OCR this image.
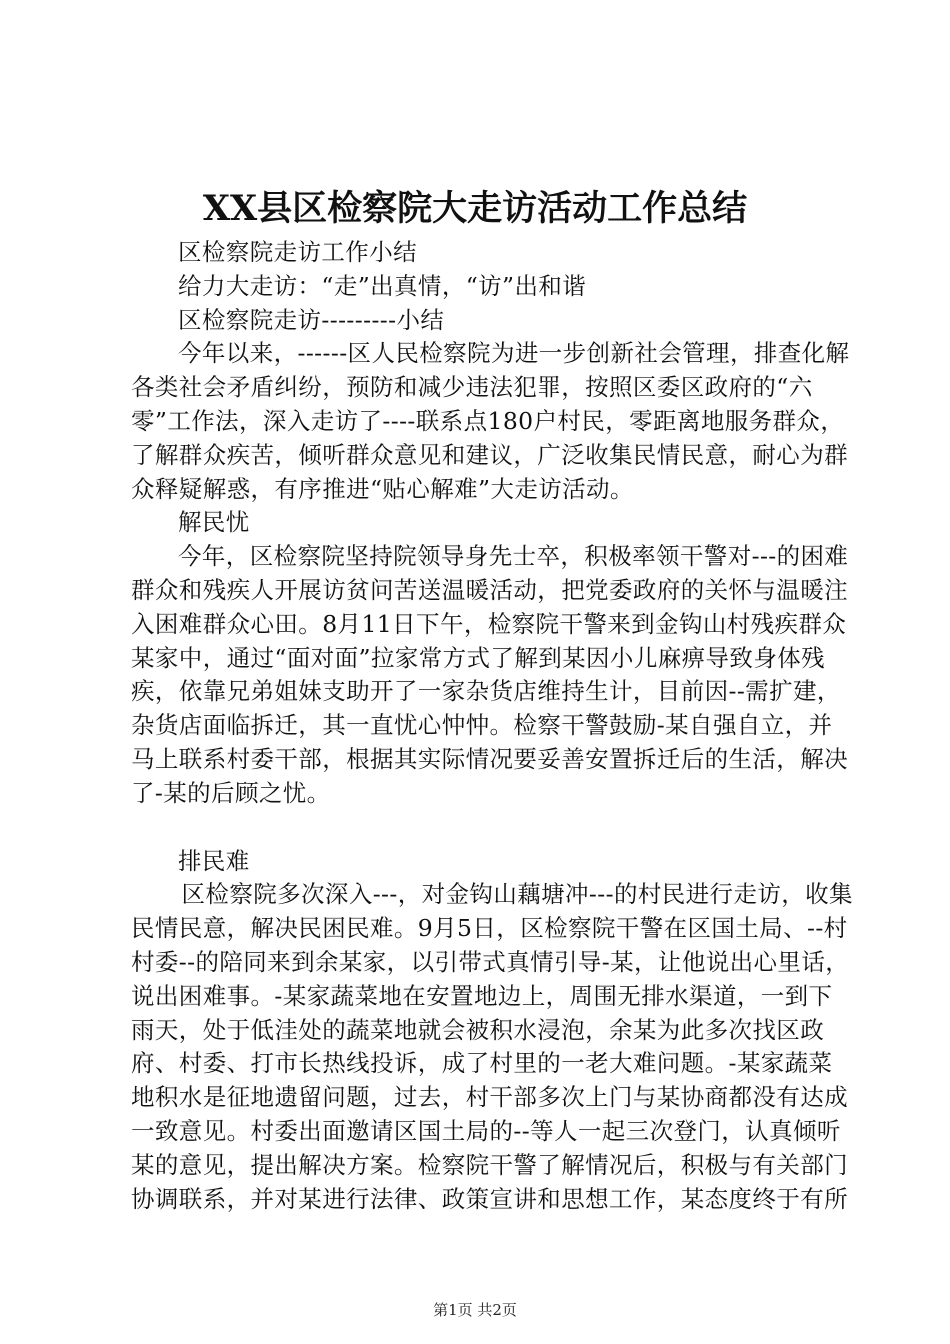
XX县区检察院大走访活动工作总结

区检察院走访工作小结

给力大走访：“走”出真情，“访”出和谐

区检察院走访---------小结

今年以来，------区人民检察院为进一步创新社会管理，排查化解各类社会矛盾纠纷，预防和减少违法犯罪，按照区委区政府的“六零”工作法，深入走访了----联系点180户村民，零距离地服务群众，了解群众疾苦，倾听群众意见和建议，广泛收集民情民意，耐心为群众释疑解惑，有序推进“贴心解难”大走访活动。

解民忧

今年，区检察院坚持院领导身先士卒，积极率领干警对---的困难群众和残疾人开展访贫问苦送温暖活动，把党委政府的关怀与温暖注入困难群众心田。8月11日下午，检察院干警来到金钩山村残疾群众某家中，通过“面对面”拉家常方式了解到某因小儿麻痹导致身体残疾，依靠兄弟姐妹支助开了一家杂货店维持生计，目前因--需扩建，杂货店面临拆迁，其一直忧心忡忡。检察干警鼓励-某自强自立，并马上联系村委干部，根据其实际情况要妥善安置拆迁后的生活，解决了-某的后顾之忧。

排民难

区检察院多次深入---，对金钩山藕塘冲---的村民进行走访，收集民情民意，解决民困民难。9月5日，区检察院干警在区国土局、--村村委--的陪同来到余某家，以引带式真情引导-某，让他说出心里话，说出困难事。-某家蔬菜地在安置地边上，周围无排水渠道，一到下雨天，处于低洼处的蔬菜地就会被积水浸泡，余某为此多次找区政府、村委、打市长热线投诉，成了村里的一老大难问题。-某家蔬菜地积水是征地遗留问题，过去，村干部多次上门与某协商都没有达成一致意见。村委出面邀请区国土局的--等人一起三次登门，认真倾听某的意见，提出解决方案。检察院干警了解情况后，积极与有关部门协调联系，并对某进行法律、政策宣讲和思想工作，某态度终于有所

第1页 共2页
